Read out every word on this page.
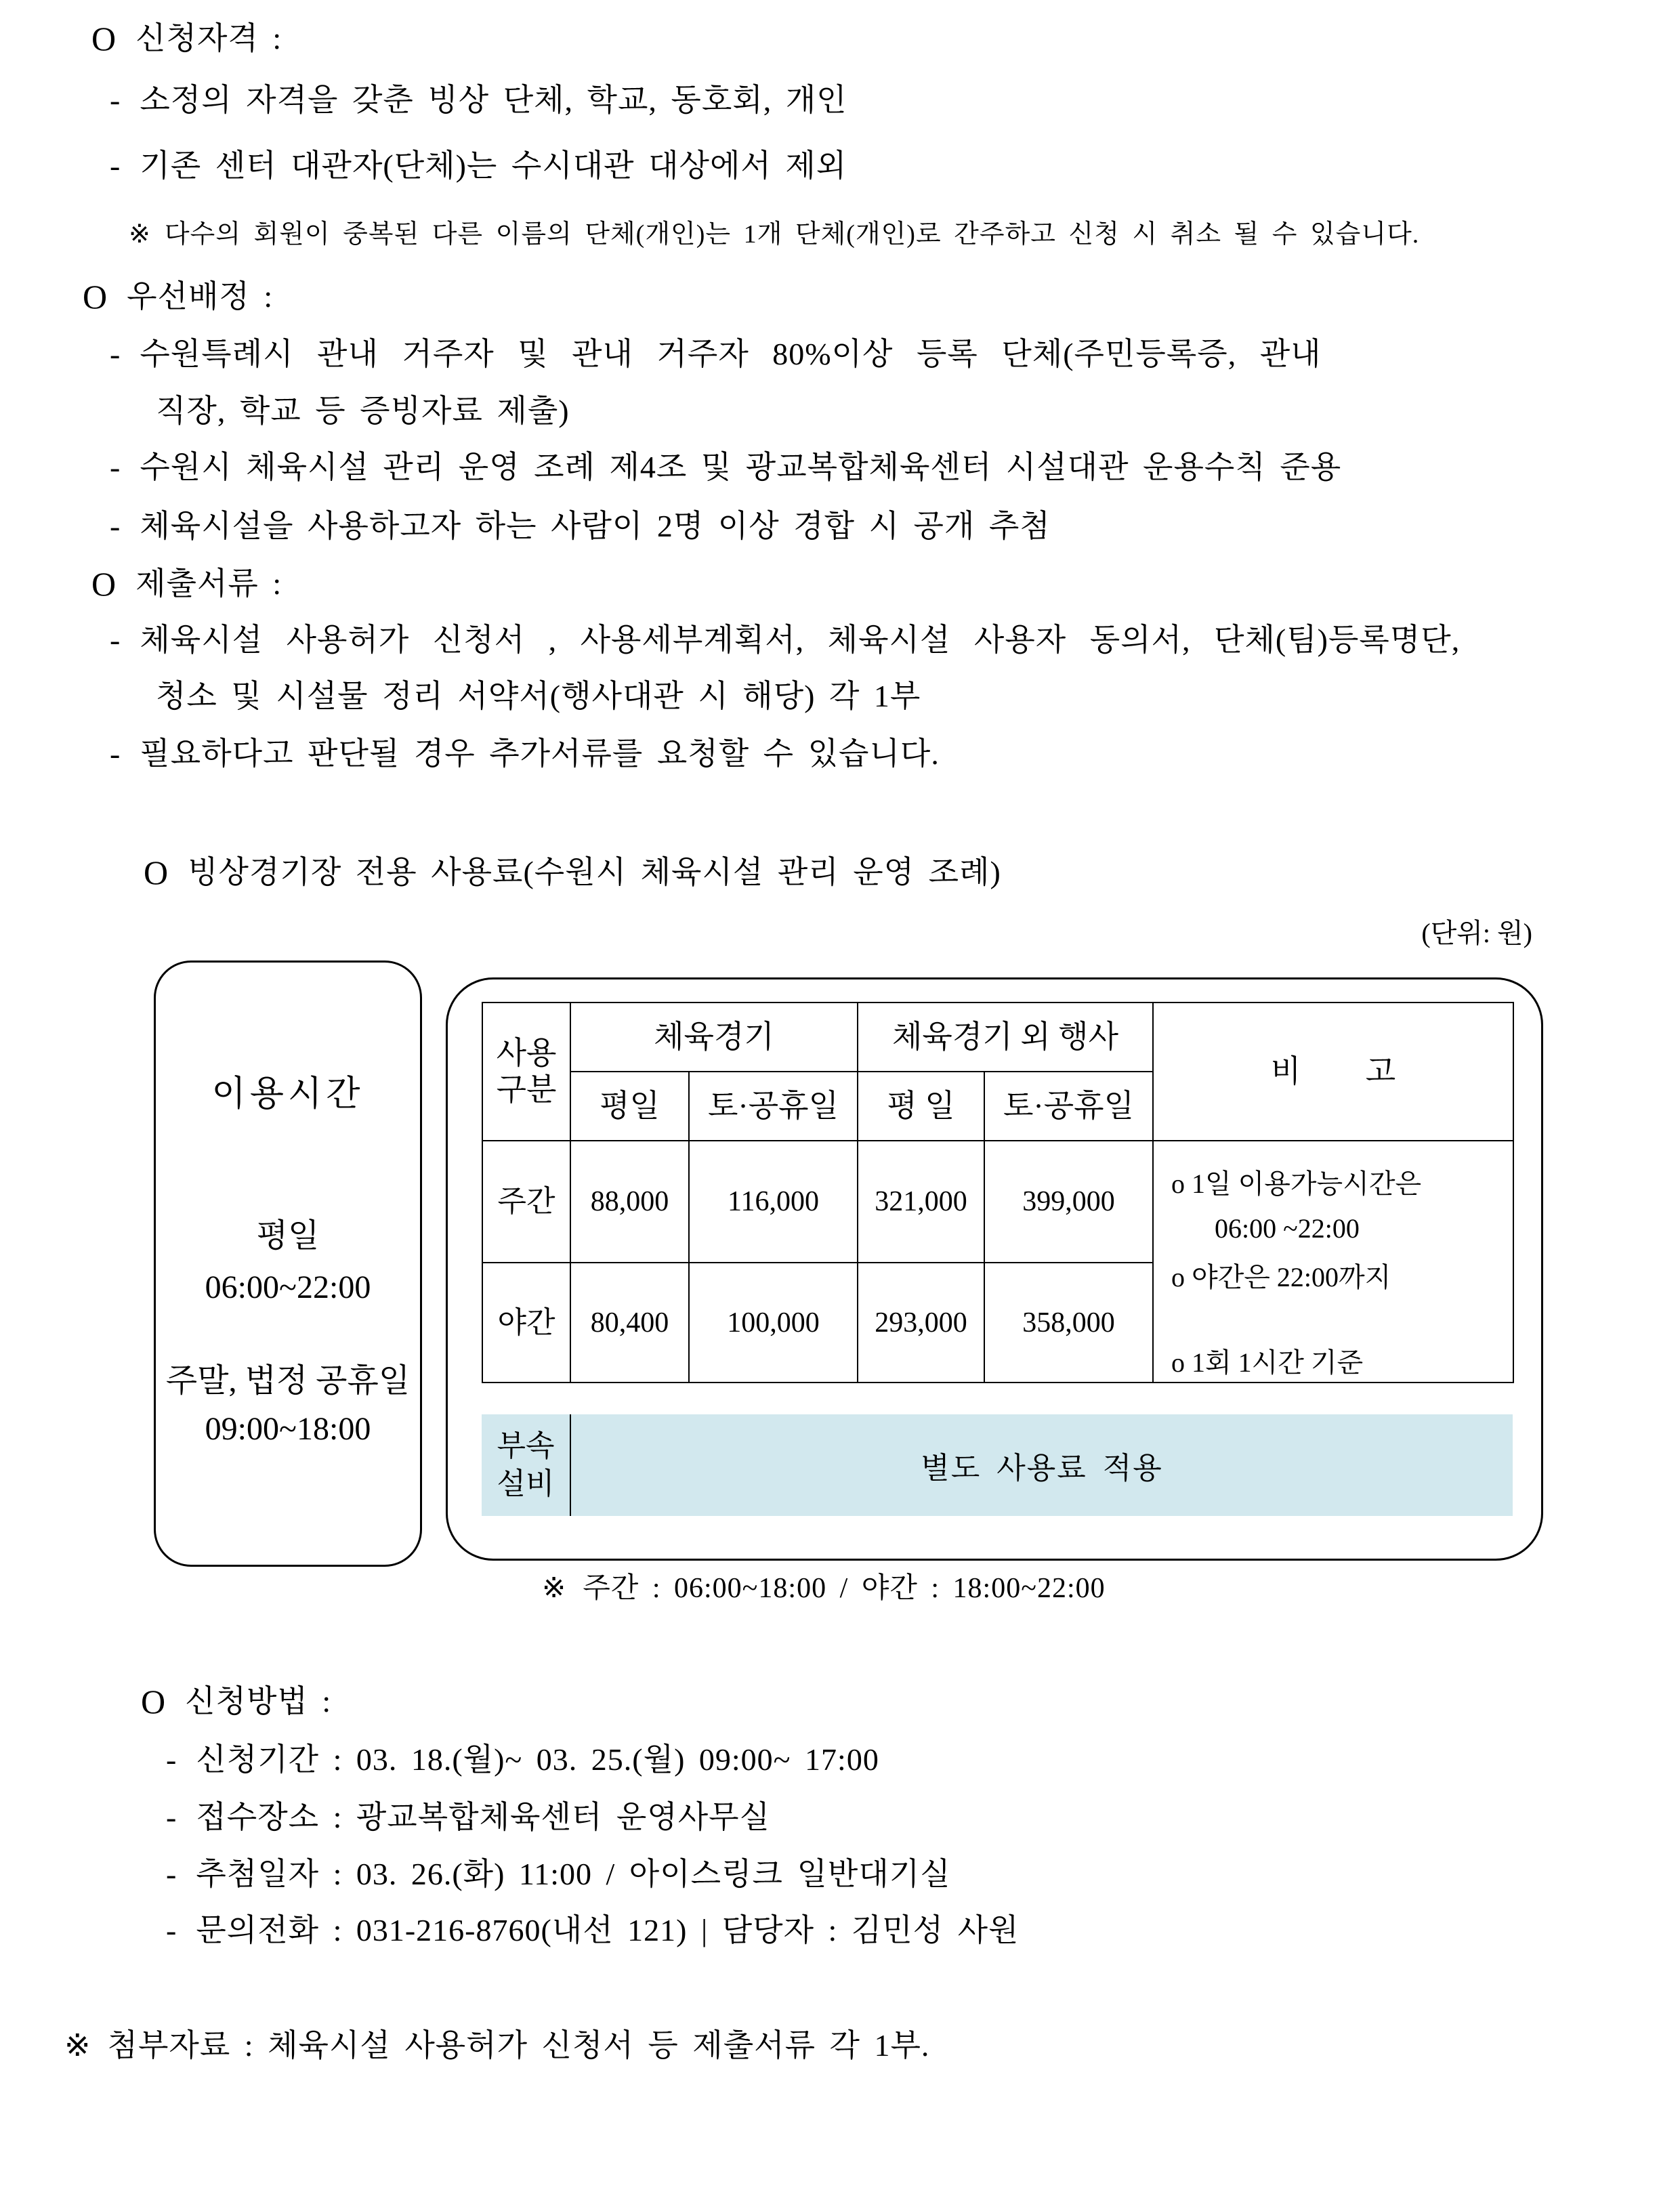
O 신청자격 :
- 소정의 자격을 갖춘 빙상 단체, 학교, 동호회, 개인
- 기존 센터 대관자(단체)는 수시대관 대상에서 제외
※ 다수의 회원이 중복된 다른 이름의 단체(개인)는 1개 단체(개인)로 간주하고 신청 시 취소 될 수 있습니다.
O 우선배정 :
- 수원특례시 관내 거주자 및 관내 거주자 80%이상 등록 단체(주민등록증, 관내
직장, 학교 등 증빙자료 제출)
- 수원시 체육시설 관리 운영 조례 제4조 및 광교복합체육센터 시설대관 운용수칙 준용
- 체육시설을 사용하고자 하는 사람이 2명 이상 경합 시 공개 추첨
O 제출서류 :
- 체육시설 사용허가 신청서 , 사용세부계획서, 체육시설 사용자 동의서, 단체(팀)등록명단,
청소 및 시설물 정리 서약서(행사대관 시 해당) 각 1부
- 필요하다고 판단될 경우 추가서류를 요청할 수 있습니다.
O 빙상경기장 전용 사용료(수원시 체육시설 관리 운영 조례)
(단위: 원)
이용시간
평일
06:00~22:00
주말, 법정 공휴일
09:00~18:00
사용
구분	체육경기		체육경기 외 행사		비 고
	평일	토·공휴일	평 일	토·공휴일	
주간	88,000	116,000	321,000	399,000	o 1일 이용가능시간은
06:00 ~22:00
o 야간은 22:00까지
o 1회 1시간 기준

야간	80,400	100,000	293,000	358,000	
부속
설비	별도 사용료 적용
※ 주간 : 06:00~18:00 / 야간 : 18:00~22:00
O 신청방법 :
- 신청기간 : 03. 18.(월)~ 03. 25.(월) 09:00~ 17:00
- 접수장소 : 광교복합체육센터 운영사무실
- 추첨일자 : 03. 26.(화) 11:00 / 아이스링크 일반대기실
- 문의전화 : 031-216-8760(내선 121) | 담당자 : 김민성 사원
※ 첨부자료 : 체육시설 사용허가 신청서 등 제출서류 각 1부.
